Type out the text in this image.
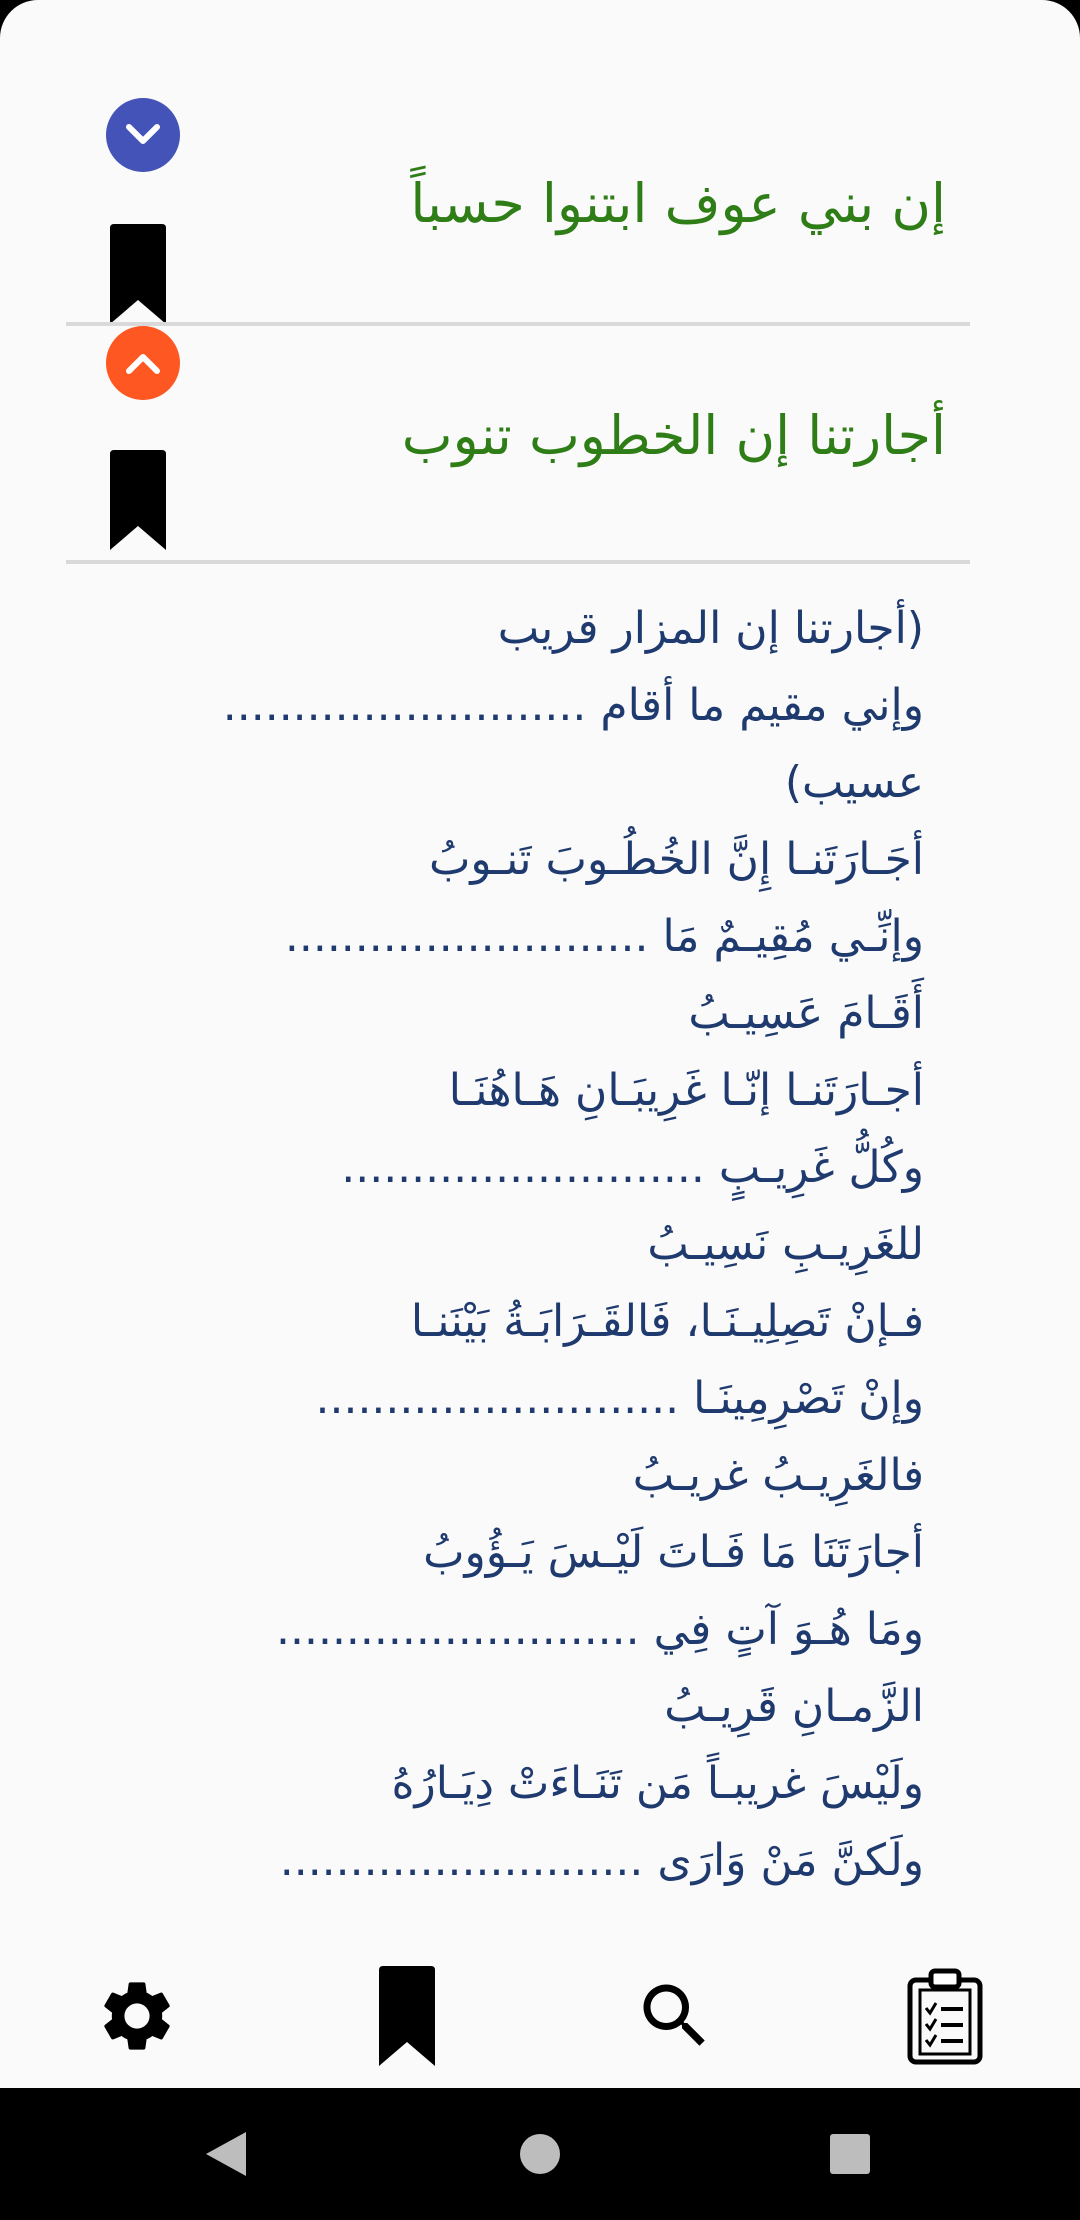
إن بني عوف ابتنوا حسباً
أجارتنا إن الخطوب تنوب
(أجارتنا إن المزار قريب
وإني مقيم ما أقام ..........................
عسيب)
أجَـارَتَنـا إِنَّ الخُطُـوبَ تَنـوبُ
وإنِّـي مُقِيـمٌ مَا ..........................
أَقَـامَ عَسِيـبُ
أجـارَتَنـا إنّـا غَرِيبَـانِ هَـاهُنَـا
وكُلُّ غَرِيـبٍ ..........................
للغَرِيـبِ نَسِيـبُ
فـإنْ تَصِلِيـنَـا، فَالقَـرَابَـةُ بَيْنَنـا
وإنْ تَصْرِمِينَـا ..........................
فالغَرِيـبُ غريـبُ
أجارَتَنَا مَا فَـاتَ لَيْـسَ يَـؤُوبُ
ومَا هُـوَ آتٍ فِي ..........................
الزَّمـانِ قَرِيـبُ
ولَيْسَ غريبـاً مَن تَنَـاءَتْ دِيَـارُهُ
ولَكنَّ مَنْ وَارَى ..........................
